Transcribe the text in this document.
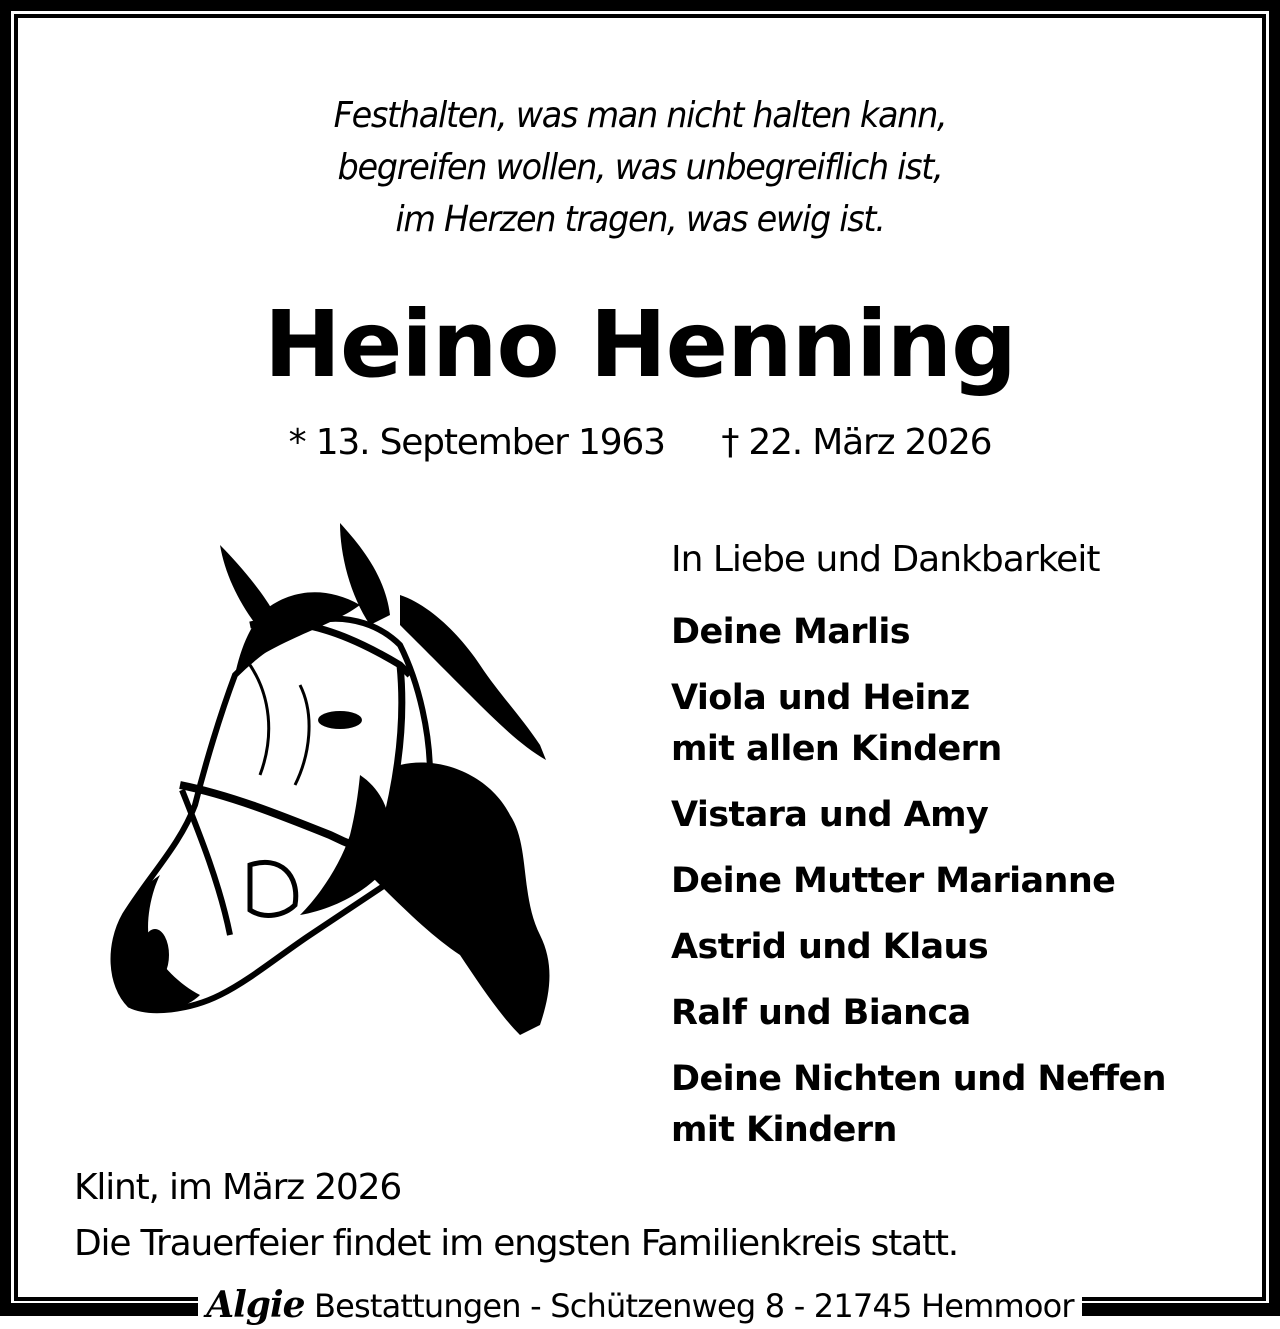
Festhalten, was man nicht halten kann,
begreifen wollen, was unbegreiflich ist,
im Herzen tragen, was ewig ist.
Heino Henning
* 13. September 1963 † 22. März 2026
In Liebe und Dankbarkeit
Deine Marlis
Viola und Heinz
mit allen Kindern
Vistara und Amy
Deine Mutter Marianne
Astrid und Klaus
Ralf und Bianca
Deine Nichten und Neffen
mit Kindern
Klint, im März 2026
Die Trauerfeier findet im engsten Familienkreis statt.
Algie Bestattungen - Schützenweg 8 - 21745 Hemmoor
